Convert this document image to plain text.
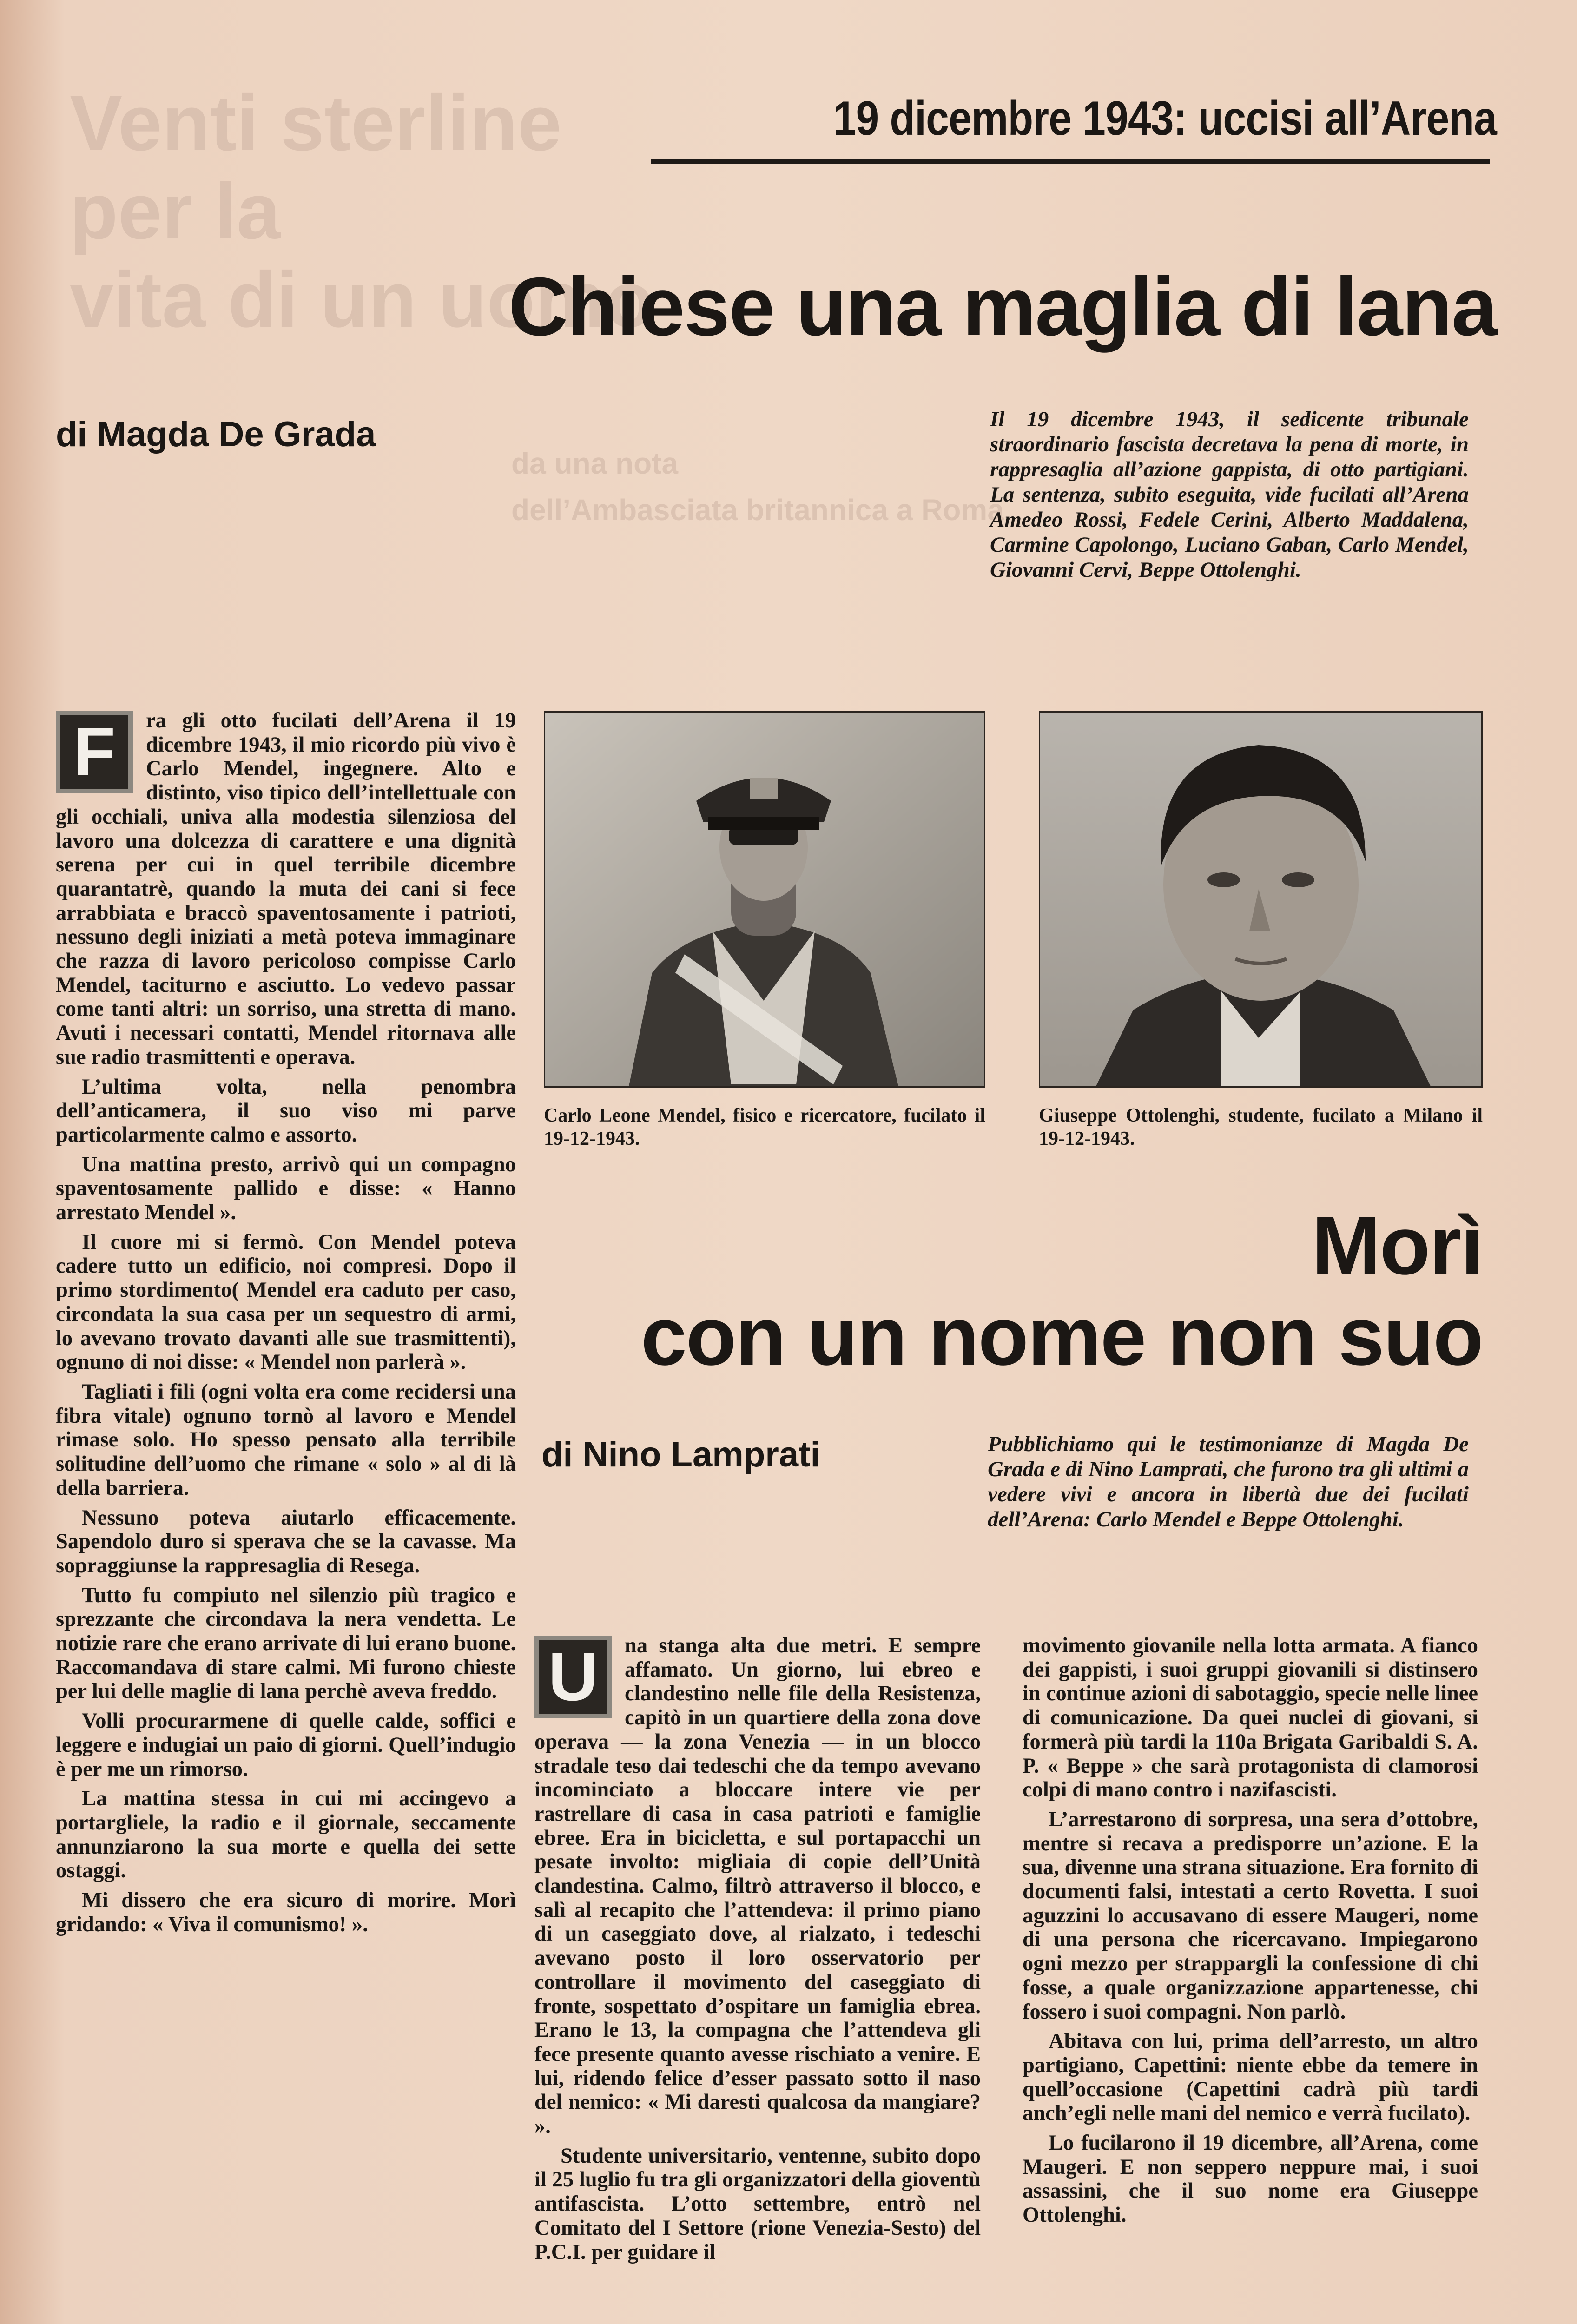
Venti sterline
per la
vita di un uomo
da una nota
dell’Ambasciata britannica a Roma
19 dicembre 1943: uccisi all’Arena
Chiese una maglia di lana
di Magda De Grada	Il 19 dicembre 1943, il sedicente tribunale straordinario fascista decretava la pena di morte, in rappresaglia all’azione gappista, di otto partigiani. La sentenza, subito eseguita, vide fucilati all’Arena Amedeo Rossi, Fedele Cerini, Alberto Maddalena, Carmine Capolongo, Luciano Gaban, Carlo Mendel, Giovanni Cervi, Beppe Ottolenghi.
F	ra gli otto fucilati dell’Arena il 19 dicembre 1943, il mio ricordo più vivo è Carlo Mendel, ingegnere. Alto e distinto, viso tipico dell’intellettuale con gli occhiali, univa alla modestia silenziosa del lavoro una dolcezza di carattere e una dignità serena per cui in quel terribile dicembre quarantatrè, quando la muta dei cani si fece arrabbiata e braccò spaventosamente i patrioti, nessuno degli iniziati a metà poteva immaginare che razza di lavoro pericoloso compisse Carlo Mendel, taciturno e asciutto. Lo vedevo passar come tanti altri: un sorriso, una stretta di mano. Avuti i necessari contatti, Mendel ritornava alle sue radio trasmittenti e operava.

L’ultima volta, nella penombra dell’anticamera, il suo viso mi parve particolarmente calmo e assorto.

Una mattina presto, arrivò qui un compagno spaventosamente pallido e disse: « Hanno arrestato Mendel ».

Il cuore mi si fermò. Con Mendel poteva cadere tutto un edificio, noi compresi. Dopo il primo stordimento( Mendel era caduto per caso, circondata la sua casa per un sequestro di armi, lo avevano trovato davanti alle sue trasmittenti), ognuno di noi disse: « Mendel non parlerà ».

Tagliati i fili (ogni volta era come recidersi una fibra vitale) ognuno tornò al lavoro e Mendel rimase solo. Ho spesso pensato alla terribile solitudine dell’uomo che rimane « solo » al di là della barriera.

Nessuno poteva aiutarlo efficacemente. Sapendolo duro si sperava che se la cavasse. Ma sopraggiunse la rappresaglia di Resega.

Tutto fu compiuto nel silenzio più tragico e sprezzante che circondava la nera vendetta. Le notizie rare che erano arrivate di lui erano buone. Raccomandava di stare calmi. Mi furono chieste per lui delle maglie di lana perchè aveva freddo.

Volli procurarmene di quelle calde, soffici e leggere e indugiai un paio di giorni. Quell’indugio è per me un rimorso.

La mattina stessa in cui mi accingevo a portargliele, la radio e il giornale, seccamente annunziarono la sua morte e quella dei sette ostaggi.

Mi dissero che era sicuro di morire. Morì gridando: « Viva il comunismo! ».

Carlo Leone Mendel, fisico e ricercatore, fucilato il 19-12-1943.
Giuseppe Ottolenghi, studente, fucilato a Milano il 19-12-1943.
Morì
con un nome non suo
di Nino Lamprati	Pubblichiamo qui le testimonianze di Magda De Grada e di Nino Lamprati, che furono tra gli ultimi a vedere vivi e ancora in libertà due dei fucilati dell’Arena: Carlo Mendel e Beppe Ottolenghi.
U	na stanga alta due metri. E sempre affamato. Un giorno, lui ebreo e clandestino nelle file della Resistenza, capitò in un quartiere della zona dove operava — la zona Venezia — in un blocco stradale teso dai tedeschi che da tempo avevano incominciato a bloccare intere vie per rastrellare di casa in casa patrioti e famiglie ebree. Era in bicicletta, e sul portapacchi un pesate involto: migliaia di copie dell’Unità clandestina. Calmo, filtrò attraverso il blocco, e salì al recapito che l’attendeva: il primo piano di un caseggiato dove, al rialzato, i tedeschi avevano posto il loro osservatorio per controllare il movimento del caseggiato di fronte, sospettato d’ospitare un famiglia ebrea. Erano le 13, la compagna che l’attendeva gli fece presente quanto avesse rischiato a venire. E lui, ridendo felice d’esser passato sotto il naso del nemico: « Mi daresti qualcosa da mangiare? ».

Studente universitario, ventenne, subito dopo il 25 luglio fu tra gli organizzatori della gioventù antifascista. L’otto settembre, entrò nel Comitato del I Settore (rione Venezia-Sesto) del P.C.I. per guidare il

movimento giovanile nella lotta armata. A fianco dei gappisti, i suoi gruppi giovanili si distinsero in continue azioni di sabotaggio, specie nelle linee di comunicazione. Da quei nuclei di giovani, si formerà più tardi la 110a Brigata Garibaldi S. A. P. « Beppe » che sarà protagonista di clamorosi colpi di mano contro i nazifascisti.

L’arrestarono di sorpresa, una sera d’ottobre, mentre si recava a predisporre un’azione. E la sua, divenne una strana situazione. Era fornito di documenti falsi, intestati a certo Rovetta. I suoi aguzzini lo accusavano di essere Maugeri, nome di una persona che ricercavano. Impiegarono ogni mezzo per strappargli la confessione di chi fosse, a quale organizzazione appartenesse, chi fossero i suoi compagni. Non parlò.

Abitava con lui, prima dell’arresto, un altro partigiano, Capettini: niente ebbe da temere in quell’occasione (Capettini cadrà più tardi anch’egli nelle mani del nemico e verrà fucilato).

Lo fucilarono il 19 dicembre, all’Arena, come Maugeri. E non seppero neppure mai, i suoi assassini, che il suo nome era Giuseppe Ottolenghi.
